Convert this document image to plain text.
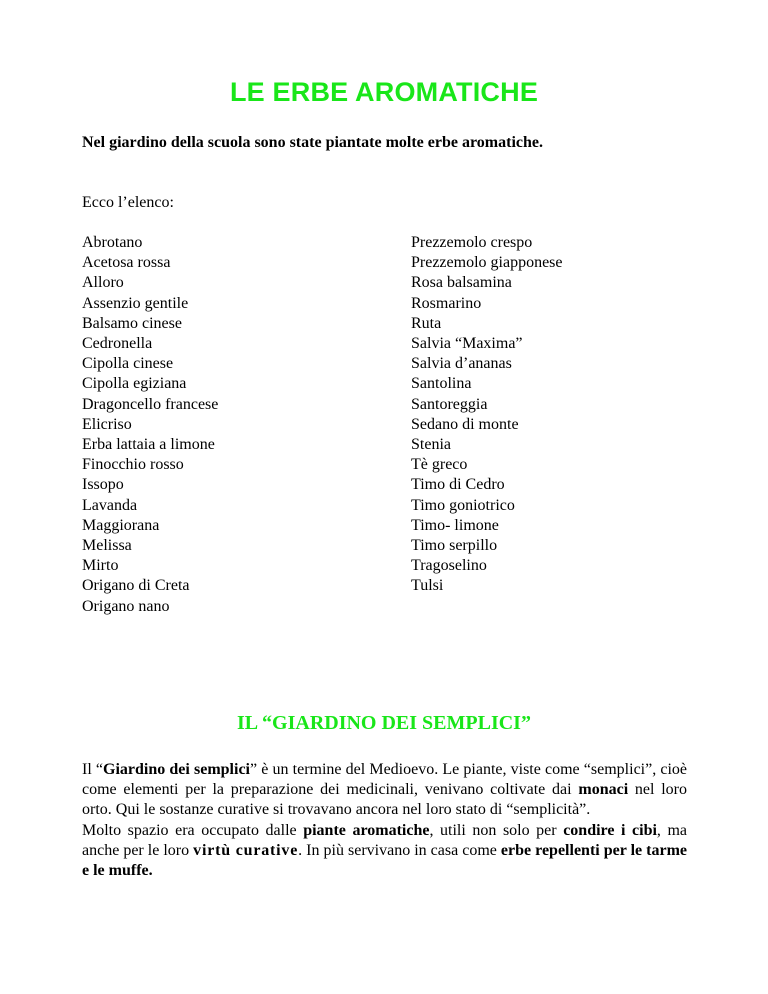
LE ERBE AROMATICHE

Nel giardino della scuola sono state piantate molte erbe aromatiche.

Ecco l’elenco:

Abrotano
Acetosa rossa
Alloro
Assenzio gentile
Balsamo cinese
Cedronella
Cipolla cinese
Cipolla egiziana
Dragoncello francese
Elicriso
Erba lattaia a limone
Finocchio rosso
Issopo
Lavanda
Maggiorana
Melissa
Mirto
Origano di Creta
Origano nano
Prezzemolo crespo
Prezzemolo giapponese
Rosa balsamina
Rosmarino
Ruta
Salvia “Maxima”
Salvia d’ananas
Santolina
Santoreggia
Sedano di monte
Stenia
Tè greco
Timo di Cedro
Timo goniotrico
Timo- limone
Timo serpillo
Tragoselino
Tulsi
IL “GIARDINO DEI SEMPLICI”

Il “Giardino dei semplici” è un termine del Medioevo. Le piante, viste come “semplici”, cioè come elementi per la preparazione dei medicinali, venivano coltivate dai monaci nel loro orto. Qui le sostanze curative si trovavano ancora nel loro stato di “semplicità”.

Molto spazio era occupato dalle piante aromatiche, utili non solo per condire i cibi, ma anche per le loro virtù curative. In più servivano in casa come erbe repellenti per le tarme e le muffe.
